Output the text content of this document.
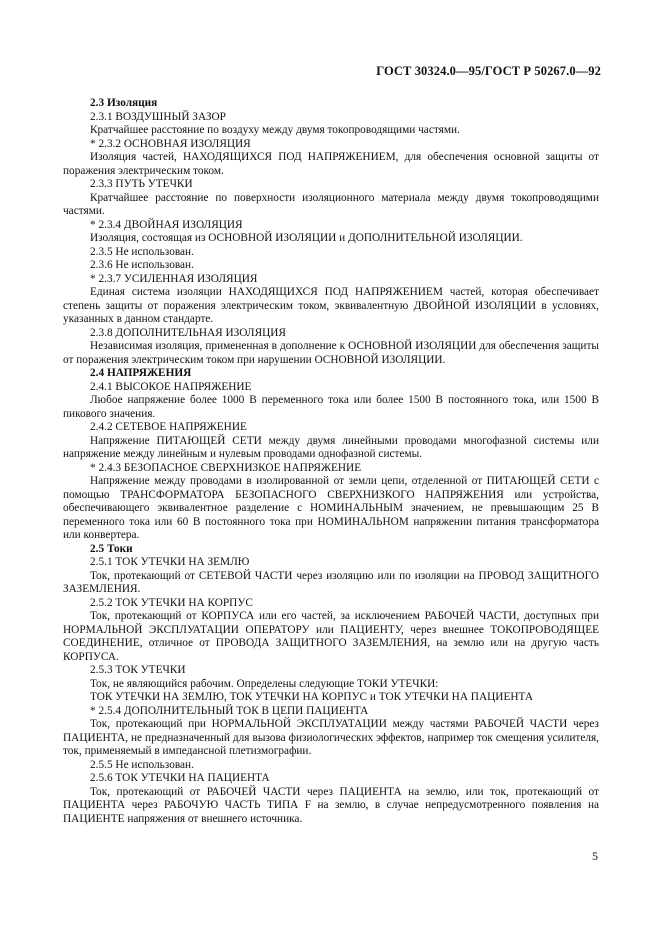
ГОСТ 30324.0—95/ГОСТ Р 50267.0—92

2.3 Изоляция

2.3.1 ВОЗДУШНЫЙ ЗАЗОР

Кратчайшее расстояние по воздуху между двумя токопроводящими частями.

* 2.3.2 ОСНОВНАЯ ИЗОЛЯЦИЯ

Изоляция частей, НАХОДЯЩИХСЯ ПОД НАПРЯЖЕНИЕМ, для обеспечения основной защиты от поражения электрическим током.

2.3.3 ПУТЬ УТЕЧКИ

Кратчайшее расстояние по поверхности изоляционного материала между двумя токопроводящими частями.

* 2.3.4 ДВОЙНАЯ ИЗОЛЯЦИЯ

Изоляция, состоящая из ОСНОВНОЙ ИЗОЛЯЦИИ и ДОПОЛНИТЕЛЬНОЙ ИЗОЛЯЦИИ.

2.3.5 Не использован.

2.3.6 Не использован.

* 2.3.7 УСИЛЕННАЯ ИЗОЛЯЦИЯ

Единая система изоляции НАХОДЯЩИХСЯ ПОД НАПРЯЖЕНИЕМ частей, которая обеспечивает степень защиты от поражения электрическим током, эквивалентную ДВОЙНОЙ ИЗОЛЯЦИИ в условиях, указанных в данном стандарте.

2.3.8 ДОПОЛНИТЕЛЬНАЯ ИЗОЛЯЦИЯ

Независимая изоляция, примененная в дополнение к ОСНОВНОЙ ИЗОЛЯЦИИ для обеспечения защиты от поражения электрическим током при нарушении ОСНОВНОЙ ИЗОЛЯЦИИ.

2.4 НАПРЯЖЕНИЯ

2.4.1 ВЫСОКОЕ НАПРЯЖЕНИЕ

Любое напряжение более 1000 В переменного тока или более 1500 В постоянного тока, или 1500 В пикового значения.

2.4.2 СЕТЕВОЕ НАПРЯЖЕНИЕ

Напряжение ПИТАЮЩЕЙ СЕТИ между двумя линейными проводами многофазной системы или напряжение между линейным и нулевым проводами однофазной системы.

* 2.4.3 БЕЗОПАСНОЕ СВЕРХНИЗКОЕ НАПРЯЖЕНИЕ

Напряжение между проводами в изолированной от земли цепи, отделенной от ПИТАЮЩЕЙ СЕТИ с помощью ТРАНСФОРМАТОРА БЕЗОПАСНОГО СВЕРХНИЗКОГО НАПРЯЖЕНИЯ или устройства, обеспечивающего эквивалентное разделение с НОМИНАЛЬНЫМ значением, не превышающим 25 В переменного тока или 60 В постоянного тока при НОМИНАЛЬНОМ напряжении питания трансформатора или конвертера.

2.5 Токи

2.5.1 ТОК УТЕЧКИ НА ЗЕМЛЮ

Ток, протекающий от СЕТЕВОЙ ЧАСТИ через изоляцию или по изоляции на ПРОВОД ЗАЩИТНОГО ЗАЗЕМЛЕНИЯ.

2.5.2 ТОК УТЕЧКИ НА КОРПУС

Ток, протекающий от КОРПУСА или его частей, за исключением РАБОЧЕЙ ЧАСТИ, доступных при НОРМАЛЬНОЙ ЭКСПЛУАТАЦИИ ОПЕРАТОРУ или ПАЦИЕНТУ, через внешнее ТОКОПРОВОДЯЩЕЕ СОЕДИНЕНИЕ, отличное от ПРОВОДА ЗАЩИТНОГО ЗАЗЕМЛЕНИЯ, на землю или на другую часть КОРПУСА.

2.5.3 ТОК УТЕЧКИ

Ток, не являющийся рабочим. Определены следующие ТОКИ УТЕЧКИ:

ТОК УТЕЧКИ НА ЗЕМЛЮ, ТОК УТЕЧКИ НА КОРПУС и ТОК УТЕЧКИ НА ПАЦИЕНТА

* 2.5.4 ДОПОЛНИТЕЛЬНЫЙ ТОК В ЦЕПИ ПАЦИЕНТА

Ток, протекающий при НОРМАЛЬНОЙ ЭКСПЛУАТАЦИИ между частями РАБОЧЕЙ ЧАСТИ через ПАЦИЕНТА, не предназначенный для вызова физиологических эффектов, например ток смещения усилителя, ток, применяемый в импедансной плетизмографии.

2.5.5 Не использован.

2.5.6 ТОК УТЕЧКИ НА ПАЦИЕНТА

Ток, протекающий от РАБОЧЕЙ ЧАСТИ через ПАЦИЕНТА на землю, или ток, протекающий от ПАЦИЕНТА через РАБОЧУЮ ЧАСТЬ ТИПА F на землю, в случае непредусмотренного появления на ПАЦИЕНТЕ напряжения от внешнего источника.

5
